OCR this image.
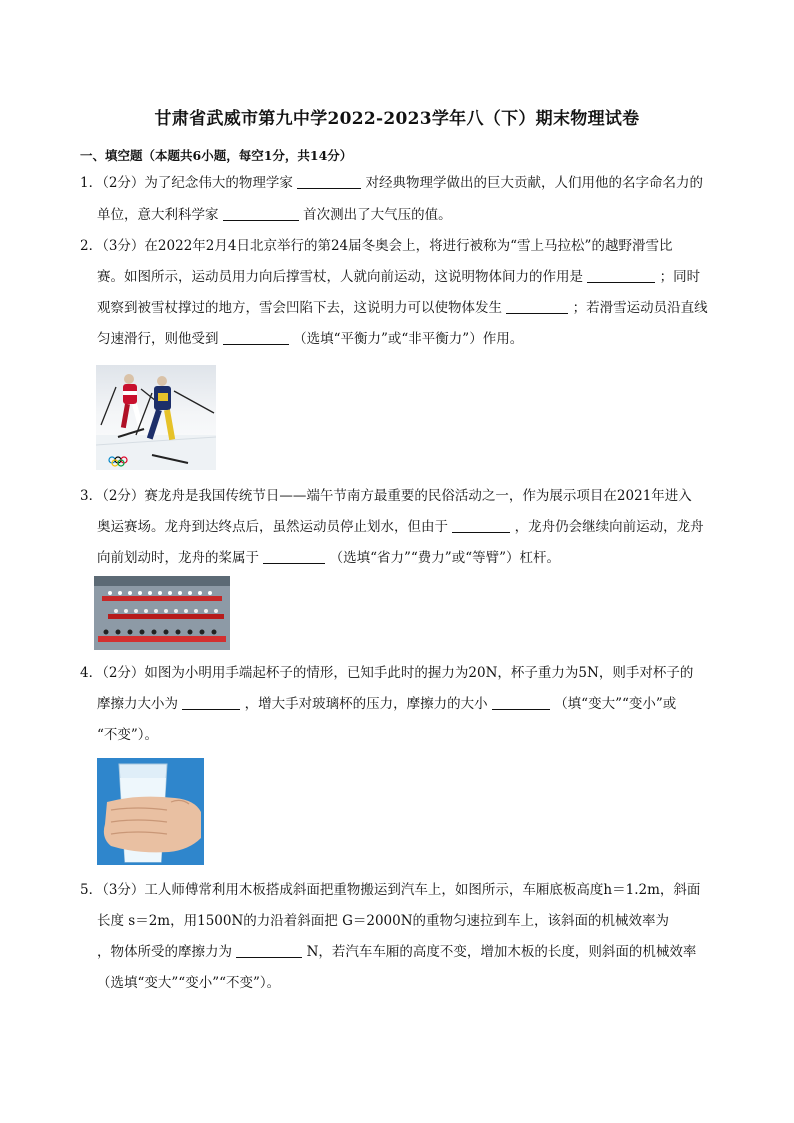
甘肃省武威市第九中学2022-2023学年八（下）期末物理试卷
一、填空题（本题共6小题，每空1分，共14分）
1．（2分）为了纪念伟大的物理学家	对经典物理学做出的巨大贡献，人们用他的名字命名力的
单位，意大利科学家	首次测出了大气压的值。
2．（3分）在2022年2月4日北京举行的第24届冬奥会上，将进行被称为“雪上马拉松”的越野滑雪比
赛。如图所示，运动员用力向后撑雪杖，人就向前运动，这说明物体间力的作用是	；同时
观察到被雪杖撑过的地方，雪会凹陷下去，这说明力可以使物体发生	；若滑雪运动员沿直线
匀速滑行，则他受到	（选填“平衡力”或“非平衡力”）作用。
3．（2分）赛龙舟是我国传统节日——端午节南方最重要的民俗活动之一，作为展示项目在2021年进入
奥运赛场。龙舟到达终点后，虽然运动员停止划水，但由于	，龙舟仍会继续向前运动，龙舟
向前划动时，龙舟的桨属于	（选填“省力”“费力”或“等臂”）杠杆。
4．（2分）如图为小明用手端起杯子的情形，已知手此时的握力为20N，杯子重力为5N，则手对杯子的
摩擦力大小为	，增大手对玻璃杯的压力，摩擦力的大小	（填“变大”“变小”或
“不变”）。
5．（3分）工人师傅常利用木板搭成斜面把重物搬运到汽车上，如图所示，车厢底板高度h＝1.2m，斜面
长度 s＝2m，用1500N的力沿着斜面把 G＝2000N的重物匀速拉到车上，该斜面的机械效率为
，物体所受的摩擦力为	N，若汽车车厢的高度不变，增加木板的长度，则斜面的机械效率
（选填“变大”“变小”“不变”）。
